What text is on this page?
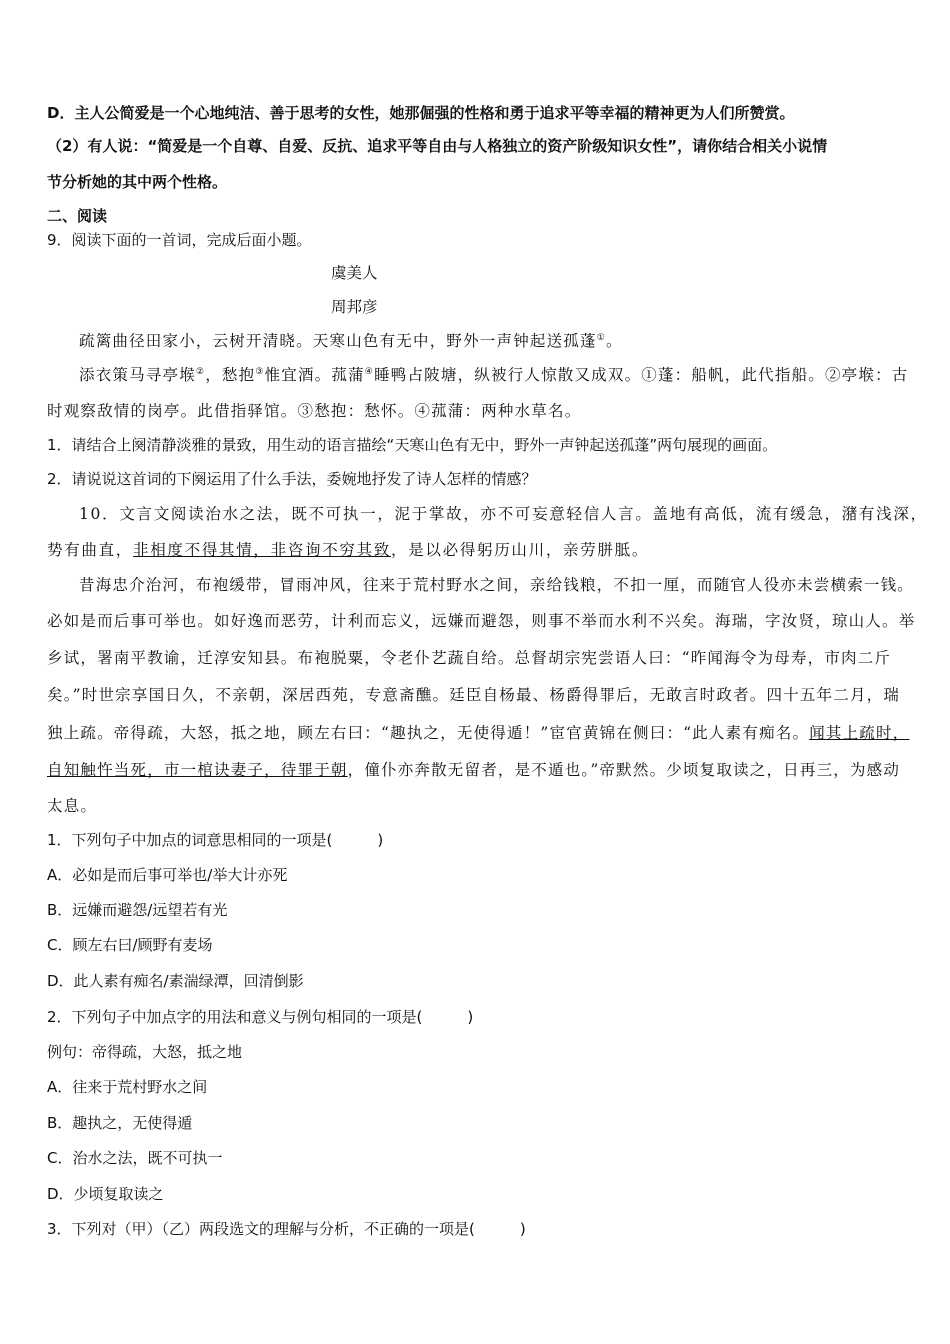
D．主人公简爱是一个心地纯洁、善于思考的女性，她那倔强的性格和勇于追求平等幸福的精神更为人们所赞赏。

（2）有人说：“简爱是一个自尊、自爱、反抗、追求平等自由与人格独立的资产阶级知识女性”，请你结合相关小说情

节分析她的其中两个性格。

二、阅读

9．阅读下面的一首词，完成后面小题。

虞美人

周邦彦

疏篱曲径田家小，云树开清晓。天寒山色有无中，野外一声钟起送孤蓬①。

添衣策马寻亭堠②，愁抱③惟宜酒。菰蒲④睡鸭占陂塘，纵被行人惊散又成双。①蓬：船帆，此代指船。②亭堠：古

时观察敌情的岗亭。此借指驿馆。③愁抱：愁怀。④菰蒲：两种水草名。

1．请结合上阕清静淡雅的景致，用生动的语言描绘“天寒山色有无中，野外一声钟起送孤蓬”两句展现的画面。

2．请说说这首词的下阕运用了什么手法，委婉地抒发了诗人怎样的情感？

10．文言文阅读治水之法，既不可执一，泥于掌故，亦不可妄意轻信人言。盖地有高低，流有缓急，潴有浅深，

势有曲直，非相度不得其情，非咨询不穷其致，是以必得躬历山川，亲劳胼胝。

昔海忠介治河，布袍缓带，冒雨冲风，往来于荒村野水之间，亲给钱粮，不扣一厘，而随官人役亦未尝横索一钱。

必如是而后事可举也。如好逸而恶劳，计利而忘义，远嫌而避怨，则事不举而水利不兴矣。海瑞，字汝贤，琼山人。举

乡试，署南平教谕，迁淳安知县。布袍脱粟，令老仆艺蔬自给。总督胡宗宪尝语人曰：“昨闻海令为母寿，市肉二斤

矣。”时世宗享国日久，不亲朝，深居西苑，专意斋醮。廷臣自杨最、杨爵得罪后，无敢言时政者。四十五年二月，瑞

独上疏。帝得疏，大怒，抵之地，顾左右曰：“趣执之，无使得遁！”宦官黄锦在侧曰：“此人素有痴名。闻其上疏时，

自知触忤当死，市一棺诀妻子，待罪于朝，僮仆亦奔散无留者，是不遁也。”帝默然。少顷复取读之，日再三，为感动

太息。

1．下列句子中加点的词意思相同的一项是(　　　)

A．必如是而后事可举也/举大计亦死

B．远嫌而避怨/远望若有光

C．顾左右曰/顾野有麦场

D．此人素有痴名/素湍绿潭，回清倒影

2．下列句子中加点字的用法和意义与例句相同的一项是(　　　)

例句：帝得疏，大怒，抵之地

A．往来于荒村野水之间

B．趣执之，无使得遁

C．治水之法，既不可执一

D．少顷复取读之

3．下列对（甲）（乙）两段选文的理解与分析，不正确的一项是(　　　)
